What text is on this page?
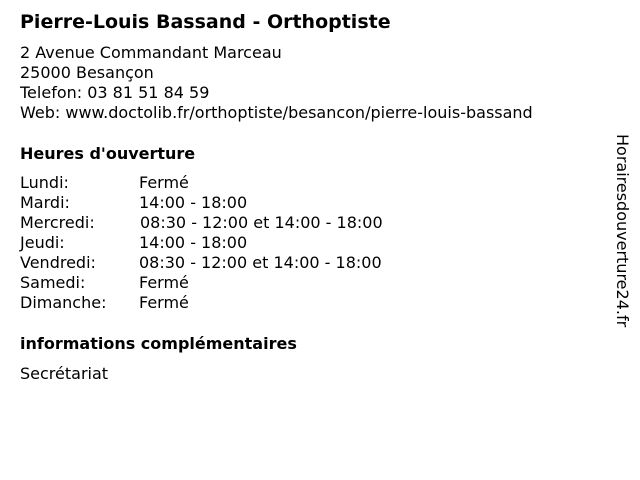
Pierre-Louis Bassand - Orthoptiste
2 Avenue Commandant Marceau
25000 Besançon
Telefon: 03 81 51 84 59
Web: www.doctolib.fr/orthoptiste/besancon/pierre-louis-bassand
Heures d'ouverture
Lundi:	Fermé
Mardi:	14:00 - 18:00
Mercredi:	08:30 - 12:00 et 14:00 - 18:00
Jeudi:	14:00 - 18:00
Vendredi:	08:30 - 12:00 et 14:00 - 18:00
Samedi:	Fermé
Dimanche: Fermé
informations complémentaires
Secrétariat
Horairesdouverture24.fr
